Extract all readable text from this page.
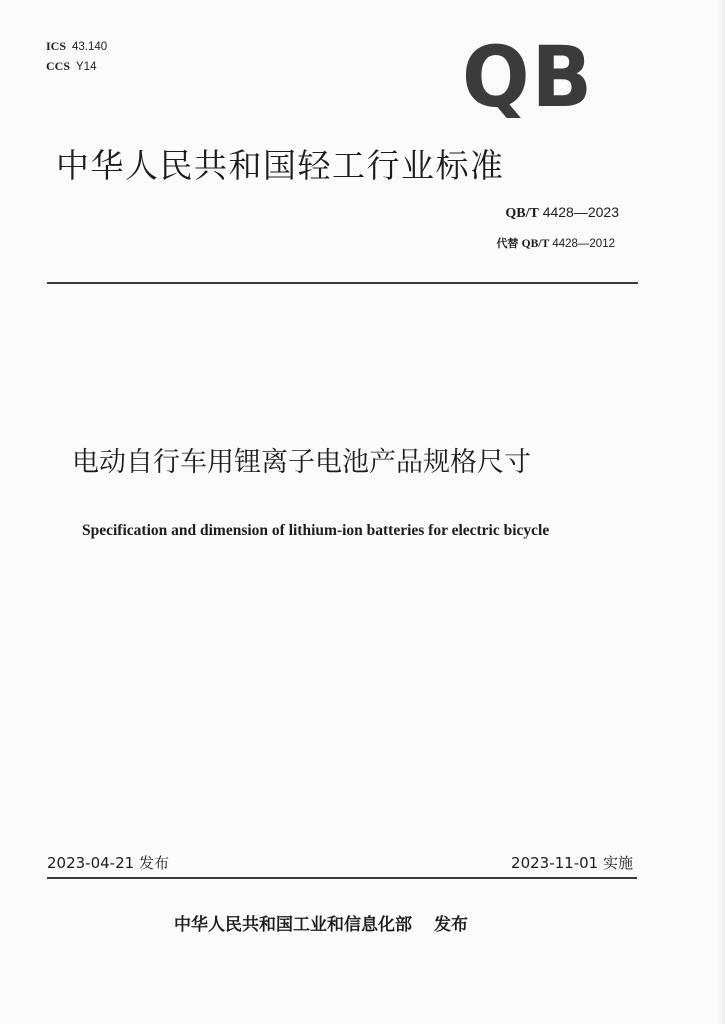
ICS 43.140
CCS Y14	QB
中华人民共和国轻工行业标准
QB/T 4428—2023
代替 QB/T 4428—2012
电动自行车用锂离子电池产品规格尺寸
Specification and dimension of lithium-ion batteries for electric bicycle
2023-04-21 发布	2023-11-01 实施
中华人民共和国工业和信息化部 发布
